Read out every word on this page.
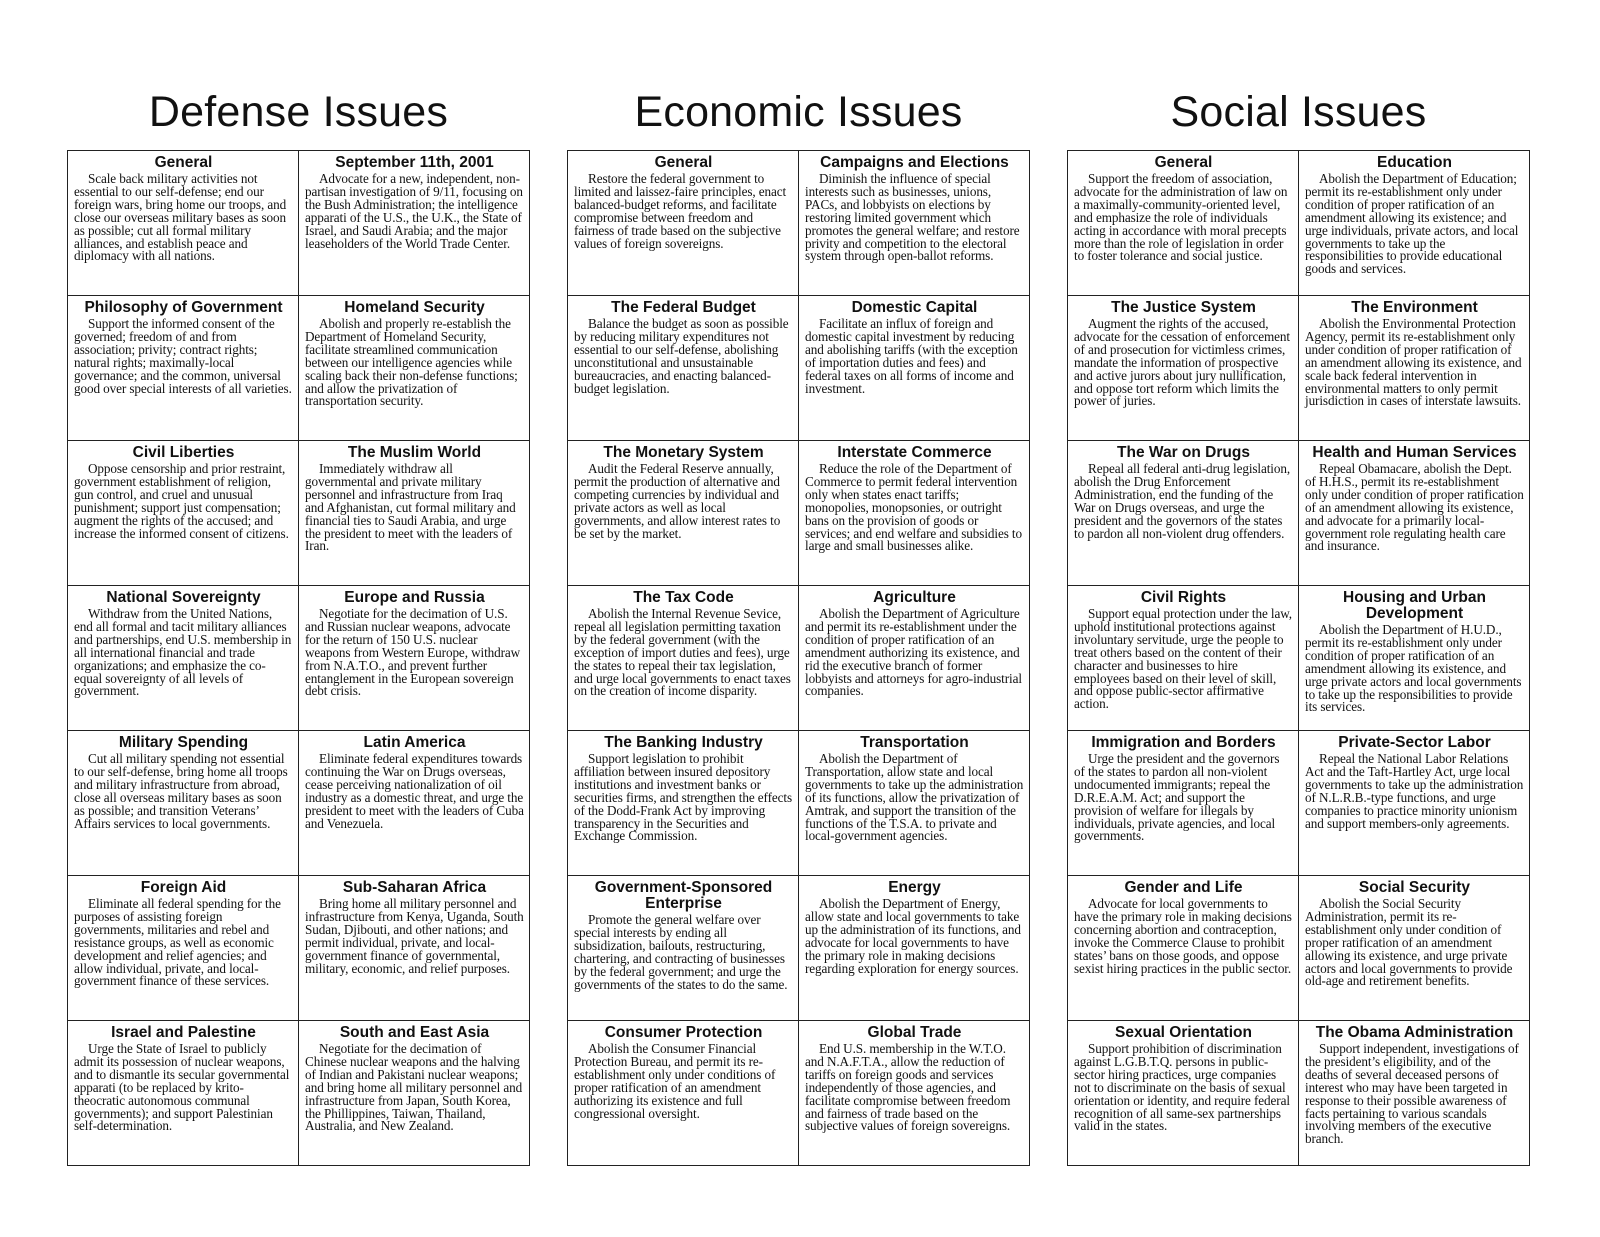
Defense Issues
General
Scale back military activities not essential to our self-defense; end our foreign wars, bring home our troops, and close our overseas military bases as soon as possible; cut all formal military alliances, and establish peace and diplomacy with all nations.
September 11th, 2001
Advocate for a new, independent, non-partisan investigation of 9/11, focusing on the Bush Administration; the intelligence apparati of the U.S., the U.K., the State of Israel, and Saudi Arabia; and the major leaseholders of the World Trade Center.
Philosophy of Government
Support the informed consent of the governed; freedom of and from association; privity; contract rights; natural rights; maximally-local governance; and the common, universal good over special interests of all varieties.
Homeland Security
Abolish and properly re-establish the Department of Homeland Security, facilitate streamlined communication between our intelligence agencies while scaling back their non-defense functions; and allow the privatization of transportation security.
Civil Liberties
Oppose censorship and prior restraint, government establishment of religion, gun control, and cruel and unusual punishment; support just compensation; augment the rights of the accused; and increase the informed consent of citizens.
The Muslim World
Immediately withdraw all governmental and private military personnel and infrastructure from Iraq and Afghanistan, cut formal military and financial ties to Saudi Arabia, and urge the president to meet with the leaders of Iran.
National Sovereignty
Withdraw from the United Nations, end all formal and tacit military alliances and partnerships, end U.S. membership in all international financial and trade organizations; and emphasize the co-equal sovereignty of all levels of government.
Europe and Russia
Negotiate for the decimation of U.S. and Russian nuclear weapons, advocate for the return of 150 U.S. nuclear weapons from Western Europe, withdraw from N.A.T.O., and prevent further entanglement in the European sovereign debt crisis.
Military Spending
Cut all military spending not essential to our self-defense, bring home all troops and military infrastructure from abroad, close all overseas military bases as soon as possible; and transition Veterans’ Affairs services to local governments.
Latin America
Eliminate federal expenditures towards continuing the War on Drugs overseas, cease perceiving nationalization of oil industry as a domestic threat, and urge the president to meet with the leaders of Cuba and Venezuela.
Foreign Aid
Eliminate all federal spending for the purposes of assisting foreign governments, militaries and rebel and resistance groups, as well as economic development and relief agencies; and allow individual, private, and local-government finance of these services.
Sub-Saharan Africa
Bring home all military personnel and infrastructure from Kenya, Uganda, South Sudan, Djibouti, and other nations; and permit individual, private, and local-government finance of governmental, military, economic, and relief purposes.
Israel and Palestine
Urge the State of Israel to publicly admit its possession of nuclear weapons, and to dismantle its secular governmental apparati (to be replaced by krito-theocratic autonomous communal governments); and support Palestinian self-determination.
South and East Asia
Negotiate for the decimation of Chinese nuclear weapons and the halving of Indian and Pakistani nuclear weapons; and bring home all military personnel and infrastructure from Japan, South Korea, the Phillippines, Taiwan, Thailand, Australia, and New Zealand.
Economic Issues
General
Restore the federal government to limited and laissez-faire principles, enact balanced-budget reforms, and facilitate compromise between freedom and fairness of trade based on the subjective values of foreign sovereigns.
Campaigns and Elections
Diminish the influence of special interests such as businesses, unions, PACs, and lobbyists on elections by restoring limited government which promotes the general welfare; and restore privity and competition to the electoral system through open-ballot reforms.
The Federal Budget
Balance the budget as soon as possible by reducing military expenditures not essential to our self-defense, abolishing unconstitutional and unsustainable bureaucracies, and enacting balanced-budget legislation.
Domestic Capital
Facilitate an influx of foreign and domestic capital investment by reducing and abolishing tariffs (with the exception of importation duties and fees) and federal taxes on all forms of income and investment.
The Monetary System
Audit the Federal Reserve annually, permit the production of alternative and competing currencies by individual and private actors as well as local governments, and allow interest rates to be set by the market.
Interstate Commerce
Reduce the role of the Department of Commerce to permit federal intervention only when states enact tariffs; monopolies, monopsonies, or outright bans on the provision of goods or services; and end welfare and subsidies to large and small businesses alike.
The Tax Code
Abolish the Internal Revenue Sevice, repeal all legislation permitting taxation by the federal government (with the exception of import duties and fees), urge the states to repeal their tax legislation, and urge local governments to enact taxes on the creation of income disparity.
Agriculture
Abolish the Department of Agriculture and permit its re-establishment under the condition of proper ratification of an amendment authorizing its existence, and rid the executive branch of former lobbyists and attorneys for agro-industrial companies.
The Banking Industry
Support legislation to prohibit affiliation between insured depository institutions and investment banks or securities firms, and strengthen the effects of the Dodd-Frank Act by improving transparency in the Securities and Exchange Commission.
Transportation
Abolish the Department of Transportation, allow state and local governments to take up the administration of its functions, allow the privatization of Amtrak, and support the transition of the functions of the T.S.A. to private and local-government agencies.
Government-Sponsored Enterprise
Promote the general welfare over special interests by ending all subsidization, bailouts, restructuring, chartering, and contracting of businesses by the federal government; and urge the governments of the states to do the same.
Energy
Abolish the Department of Energy, allow state and local governments to take up the administration of its functions, and advocate for local governments to have the primary role in making decisions regarding exploration for energy sources.
Consumer Protection
Abolish the Consumer Financial Protection Bureau, and permit its re-establishment only under conditions of proper ratification of an amendment authorizing its existence and full congressional oversight.
Global Trade
End U.S. membership in the W.T.O. and N.A.F.T.A., allow the reduction of tariffs on foreign goods and services independently of those agencies, and facilitate compromise between freedom and fairness of trade based on the subjective values of foreign sovereigns.
Social Issues
General
Support the freedom of association, advocate for the administration of law on a maximally-community-oriented level, and emphasize the role of individuals acting in accordance with moral precepts more than the role of legislation in order to foster tolerance and social justice.
Education
Abolish the Department of Education; permit its re-establishment only under condition of proper ratification of an amendment allowing its existence; and urge individuals, private actors, and local governments to take up the responsibilities to provide educational goods and services.
The Justice System
Augment the rights of the accused, advocate for the cessation of enforcement of and prosecution for victimless crimes, mandate the information of prospective and active jurors about jury nullification, and oppose tort reform which limits the power of juries.
The Environment
Abolish the Environmental Protection Agency, permit its re-establishment only under condition of proper ratification of an amendment allowing its existence, and scale back federal intervention in environmental matters to only permit jurisdiction in cases of interstate lawsuits.
The War on Drugs
Repeal all federal anti-drug legislation, abolish the Drug Enforcement Administration, end the funding of the War on Drugs overseas, and urge the president and the governors of the states to pardon all non-violent drug offenders.
Health and Human Services
Repeal Obamacare, abolish the Dept. of H.H.S., permit its re-establishment only under condition of proper ratification of an amendment allowing its existence, and advocate for a primarily local-government role regulating health care and insurance.
Civil Rights
Support equal protection under the law, uphold institutional protections against involuntary servitude, urge the people to treat others based on the content of their character and businesses to hire employees based on their level of skill, and oppose public-sector affirmative action.
Housing and Urban Development
Abolish the Department of H.U.D., permit its re-establishment only under condition of proper ratification of an amendment allowing its existence, and urge private actors and local governments to take up the responsibilities to provide its services.
Immigration and Borders
Urge the president and the governors of the states to pardon all non-violent undocumented immigrants; repeal the D.R.E.A.M. Act; and support the provision of welfare for illegals by individuals, private agencies, and local governments.
Private-Sector Labor
Repeal the National Labor Relations Act and the Taft-Hartley Act, urge local governments to take up the administration of N.L.R.B.-type functions, and urge companies to practice minority unionism and support members-only agreements.
Gender and Life
Advocate for local governments to have the primary role in making decisions concerning abortion and contraception, invoke the Commerce Clause to prohibit states’ bans on those goods, and oppose sexist hiring practices in the public sector.
Social Security
Abolish the Social Security Administration, permit its re-establishment only under condition of proper ratification of an amendment allowing its existence, and urge private actors and local governments to provide old-age and retirement benefits.
Sexual Orientation
Support prohibition of discrimination against L.G.B.T.Q. persons in public-sector hiring practices, urge companies not to discriminate on the basis of sexual orientation or identity, and require federal recognition of all same-sex partnerships valid in the states.
The Obama Administration
Support independent, investigations of the president’s eligibility, and of the deaths of several deceased persons of interest who may have been targeted in response to their possible awareness of facts pertaining to various scandals involving members of the executive branch.
